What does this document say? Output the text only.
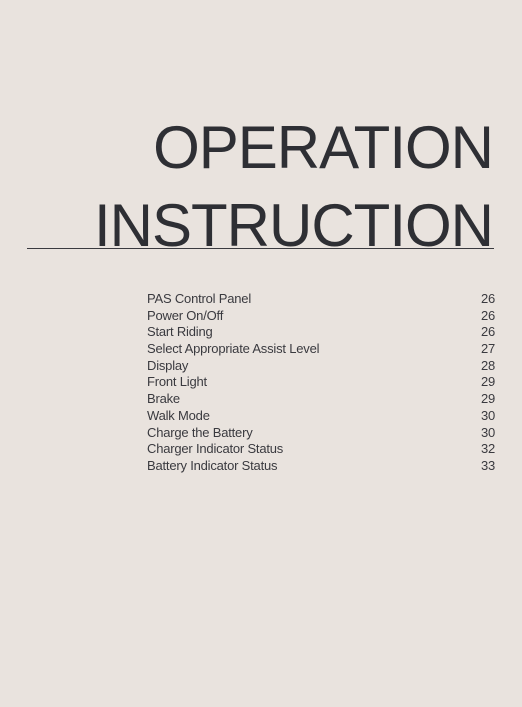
OPERATION
INSTRUCTION
PAS Control Panel	26
Power On/Off	26
Start Riding	26
Select Appropriate Assist Level	27
Display	28
Front Light	29
Brake	29
Walk Mode	30
Charge the Battery	30
Charger Indicator Status	32
Battery Indicator Status	33
